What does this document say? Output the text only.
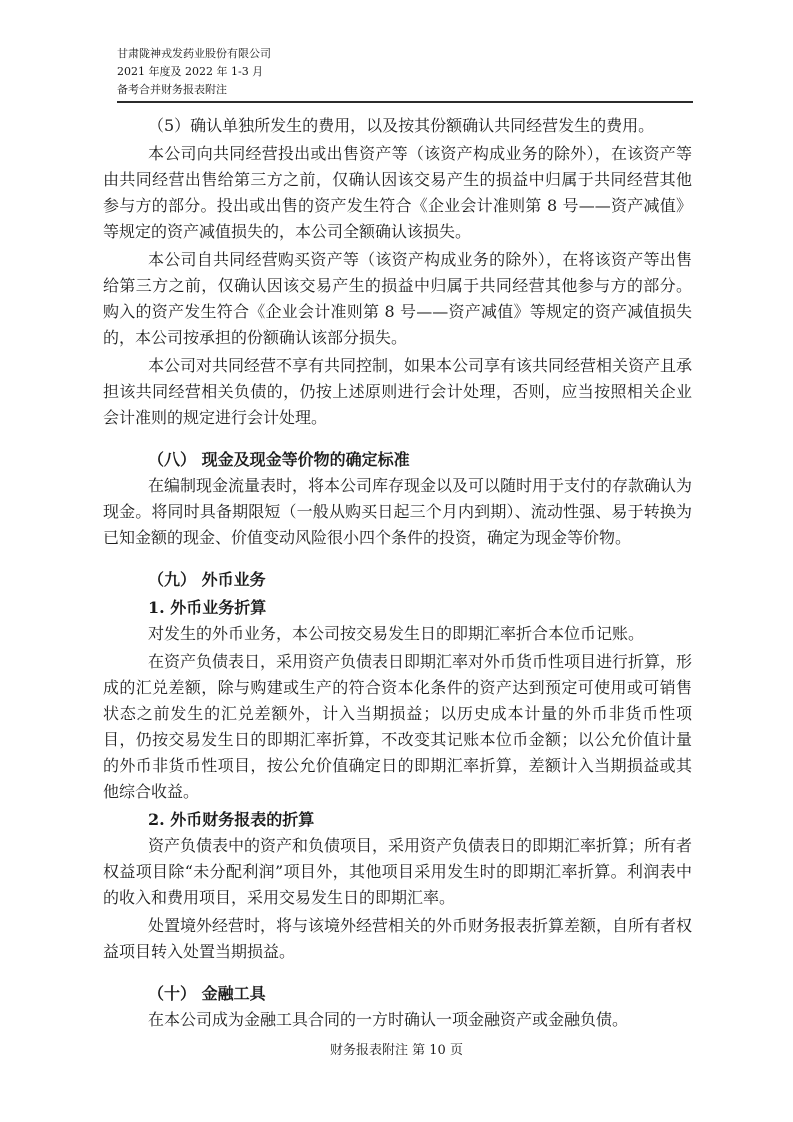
甘肃陇神戎发药业股份有限公司
2021 年度及 2022 年 1-3 月
备考合并财务报表附注

（5）确认单独所发生的费用，以及按其份额确认共同经营发生的费用。

本公司向共同经营投出或出售资产等（该资产构成业务的除外），在该资产等由共同经营出售给第三方之前，仅确认因该交易产生的损益中归属于共同经营其他参与方的部分。投出或出售的资产发生符合《企业会计准则第 8 号——资产减值》等规定的资产减值损失的，本公司全额确认该损失。

本公司自共同经营购买资产等（该资产构成业务的除外），在将该资产等出售给第三方之前，仅确认因该交易产生的损益中归属于共同经营其他参与方的部分。购入的资产发生符合《企业会计准则第 8 号——资产减值》等规定的资产减值损失的，本公司按承担的份额确认该部分损失。

本公司对共同经营不享有共同控制，如果本公司享有该共同经营相关资产且承担该共同经营相关负债的，仍按上述原则进行会计处理，否则，应当按照相关企业会计准则的规定进行会计处理。

（八） 现金及现金等价物的确定标准

在编制现金流量表时，将本公司库存现金以及可以随时用于支付的存款确认为现金。将同时具备期限短（一般从购买日起三个月内到期）、流动性强、易于转换为已知金额的现金、价值变动风险很小四个条件的投资，确定为现金等价物。

（九） 外币业务
1. 外币业务折算

对发生的外币业务，本公司按交易发生日的即期汇率折合本位币记账。

在资产负债表日，采用资产负债表日即期汇率对外币货币性项目进行折算，形成的汇兑差额，除与购建或生产的符合资本化条件的资产达到预定可使用或可销售状态之前发生的汇兑差额外，计入当期损益；以历史成本计量的外币非货币性项目，仍按交易发生日的即期汇率折算，不改变其记账本位币金额；以公允价值计量的外币非货币性项目，按公允价值确定日的即期汇率折算，差额计入当期损益或其他综合收益。

2. 外币财务报表的折算

资产负债表中的资产和负债项目，采用资产负债表日的即期汇率折算；所有者权益项目除“未分配利润”项目外，其他项目采用发生时的即期汇率折算。利润表中的收入和费用项目，采用交易发生日的即期汇率。

处置境外经营时，将与该境外经营相关的外币财务报表折算差额，自所有者权益项目转入处置当期损益。

（十） 金融工具

在本公司成为金融工具合同的一方时确认一项金融资产或金融负债。

财务报表附注 第 10 页
